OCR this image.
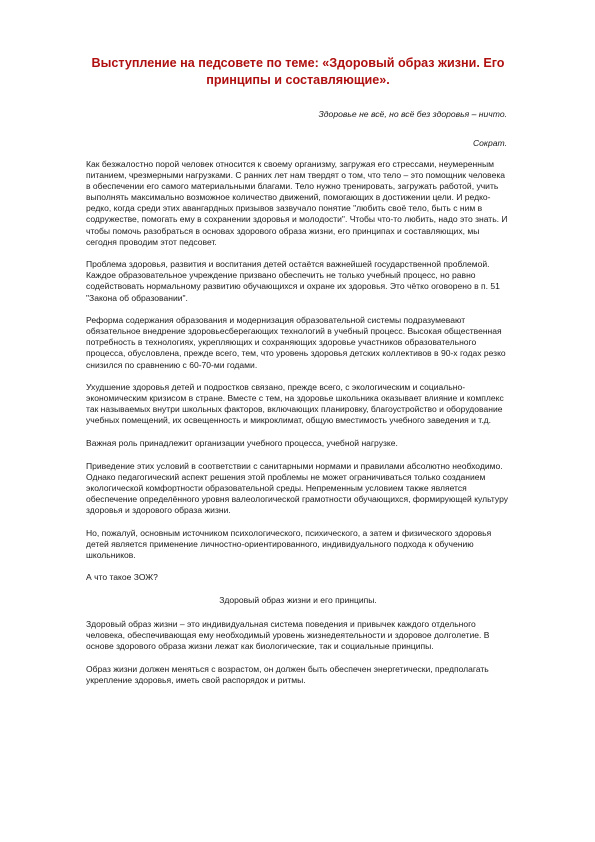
Выступление на педсовете по теме: «Здоровый образ жизни. Его принципы и составляющие».
Здоровье не всё, но всё без здоровья – ничто.
Сократ.

Как безжалостно порой человек относится к своему организму, загружая его стрессами, неумеренным питанием, чрезмерными нагрузками. С ранних лет нам твердят о том, что тело – это помощник человека в обеспечении его самого материальными благами. Тело нужно тренировать, загружать работой, учить выполнять максимально возможное количество движений, помогающих в достижении цели. И редко-редко, когда среди этих авангардных призывов зазвучало понятие "любить своё тело, быть с ним в содружестве, помогать ему в сохранении здоровья и молодости". Чтобы что-то любить, надо это знать. И чтобы помочь разобраться в основах здорового образа жизни, его принципах и составляющих, мы сегодня проводим этот педсовет.

Проблема здоровья, развития и воспитания детей остаётся важнейшей государственной проблемой. Каждое образовательное учреждение призвано обеспечить не только учебный процесс, но равно содействовать нормальному развитию обучающихся и охране их здоровья. Это чётко оговорено в п. 51 "Закона об образовании".

Реформа содержания образования и модернизация образовательной системы подразумевают обязательное внедрение здоровьесберегающих технологий в учебный процесс. Высокая общественная потребность в технологиях, укрепляющих и сохраняющих здоровье участников образовательного процесса, обусловлена, прежде всего, тем, что уровень здоровья детских коллективов в 90-х годах резко снизился по сравнению с 60-70-ми годами.

Ухудшение здоровья детей и подростков связано, прежде всего, с экологическим и социально-экономическим кризисом в стране. Вместе с тем, на здоровье школьника оказывает влияние и комплекс так называемых внутри школьных факторов, включающих планировку, благоустройство и оборудование учебных помещений, их освещенность и микроклимат, общую вместимость учебного заведения и т.д.

Важная роль принадлежит организации учебного процесса, учебной нагрузке.

Приведение этих условий в соответствии с санитарными нормами и правилами абсолютно необходимо. Однако педагогический аспект решения этой проблемы не может ограничиваться только созданием экологической комфортности образовательной среды. Непременным условием также является обеспечение определённого уровня валеологической грамотности обучающихся, формирующей культуру здоровья и здорового образа жизни.

Но, пожалуй, основным источником психологического, психического, а затем и физического здоровья детей является применение личностно-ориентированного, индивидуального подхода к обучению школьников.

А что такое ЗОЖ?

Здоровый образ жизни и его принципы.

Здоровый образ жизни – это индивидуальная система поведения и привычек каждого отдельного человека, обеспечивающая ему необходимый уровень жизнедеятельности и здоровое долголетие. В основе здорового образа жизни лежат как биологические, так и социальные принципы.

Образ жизни должен меняться с возрастом, он должен быть обеспечен энергетически, предполагать укрепление здоровья, иметь свой распорядок и ритмы.
